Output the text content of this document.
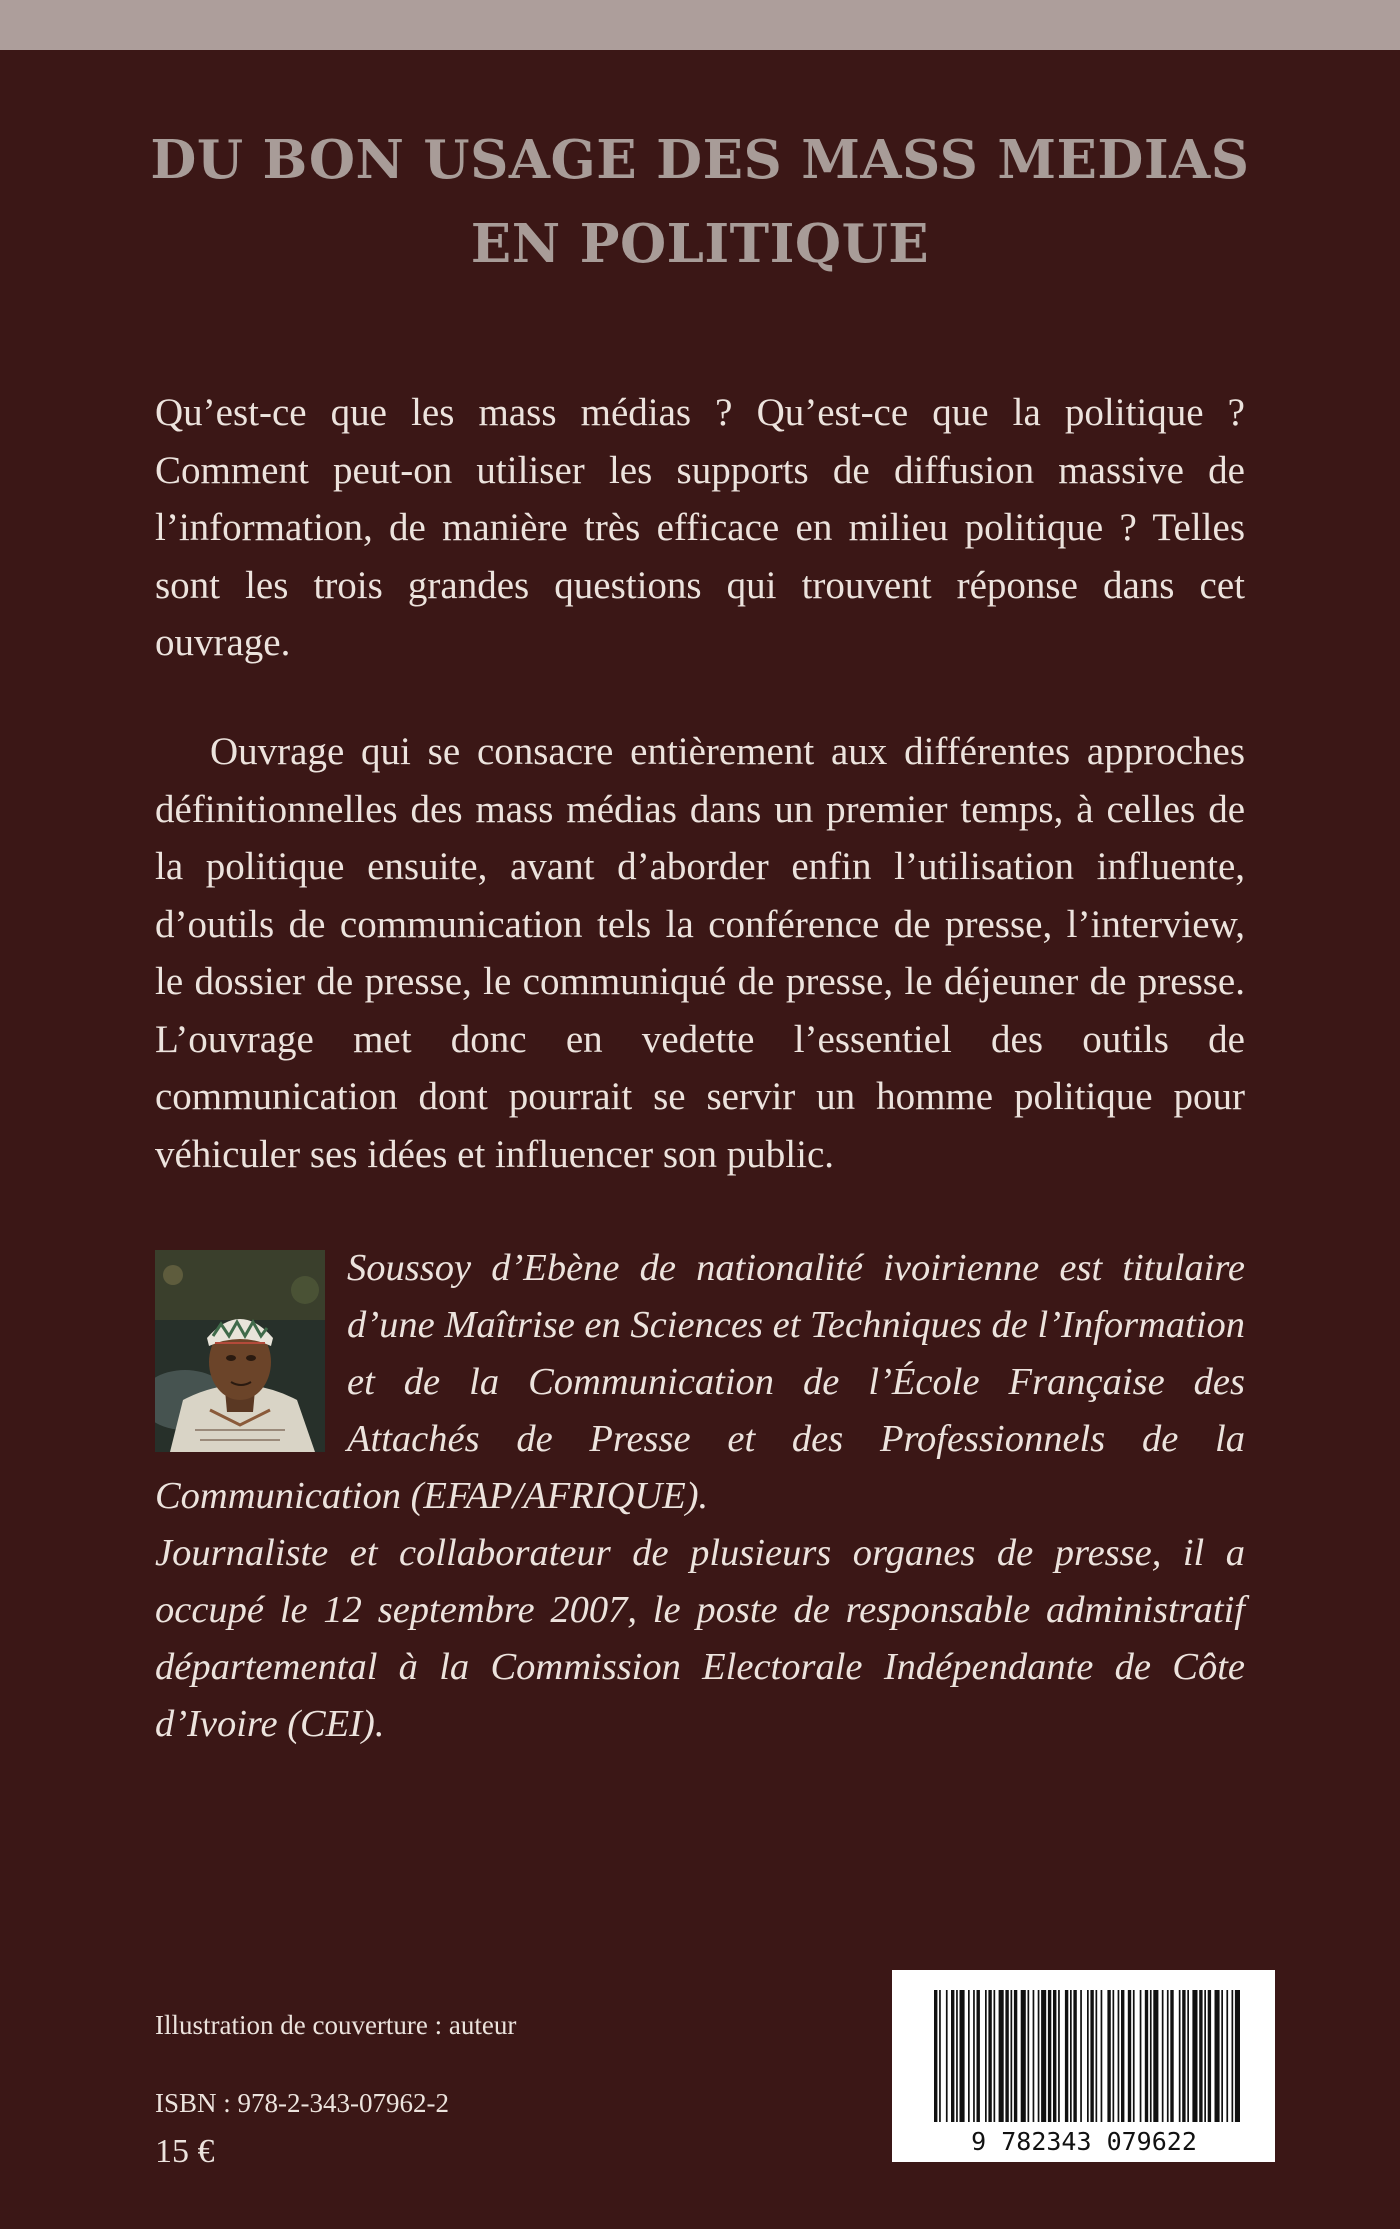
DU BON USAGE DES MASS MEDIAS
EN POLITIQUE

Qu’est-ce que les mass médias ? Qu’est-ce que la politique ? Comment peut-on utiliser les supports de diffusion massive de l’information, de manière très efficace en milieu politique ? Telles sont les trois grandes questions qui trouvent réponse dans cet ouvrage.

Ouvrage qui se consacre entièrement aux différentes approches définitionnelles des mass médias dans un premier temps, à celles de la politique ensuite, avant d’aborder enfin l’utilisation influente, d’outils de communication tels la conférence de presse, l’interview, le dossier de presse, le communiqué de presse, le déjeuner de presse. L’ouvrage met donc en vedette l’essentiel des outils de communication dont pourrait se servir un homme politique pour véhiculer ses idées et influencer son public.

Soussoy d’Ebène de nationalité ivoirienne est titulaire d’une Maîtrise en Sciences et Techniques de l’Information et de la Communication de l’École Française des Attachés de Presse et des Professionnels de la Communication (EFAP/AFRIQUE).

Journaliste et collaborateur de plusieurs organes de presse, il a occupé le 12 septembre 2007, le poste de responsable administratif départemental à la Commission Electorale Indépendante de Côte d’Ivoire (CEI).

Illustration de couverture : auteur

ISBN : 978-2-343-07962-2

15 €	9 782343 079622
